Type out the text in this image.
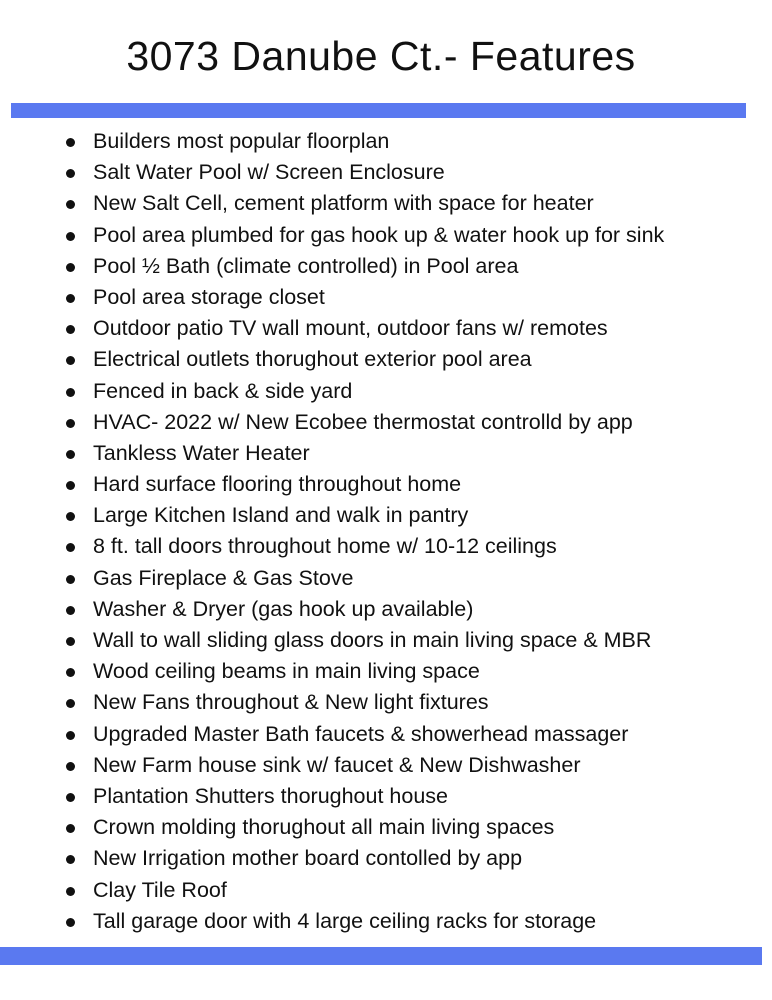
3073 Danube Ct.- Features
Builders most popular floorplan
Salt Water Pool w/ Screen Enclosure
New Salt Cell, cement platform with space for heater
Pool area plumbed for gas hook up & water hook up for sink
Pool ½ Bath (climate controlled) in Pool area
Pool area storage closet
Outdoor patio TV wall mount, outdoor fans w/ remotes
Electrical outlets thorughout exterior pool area
Fenced in back & side yard
HVAC- 2022 w/ New Ecobee thermostat controlld by app
Tankless Water Heater
Hard surface flooring throughout home
Large Kitchen Island and walk in pantry
8 ft. tall doors throughout home w/ 10-12 ceilings
Gas Fireplace & Gas Stove
Washer & Dryer (gas hook up available)
Wall to wall sliding glass doors in main living space & MBR
Wood ceiling beams in main living space
New Fans throughout & New light fixtures
Upgraded Master Bath faucets & showerhead massager
New Farm house sink w/ faucet & New Dishwasher
Plantation Shutters thorughout house
Crown molding thorughout all main living spaces
New Irrigation mother board contolled by app
Clay Tile Roof
Tall garage door with 4 large ceiling racks for storage
